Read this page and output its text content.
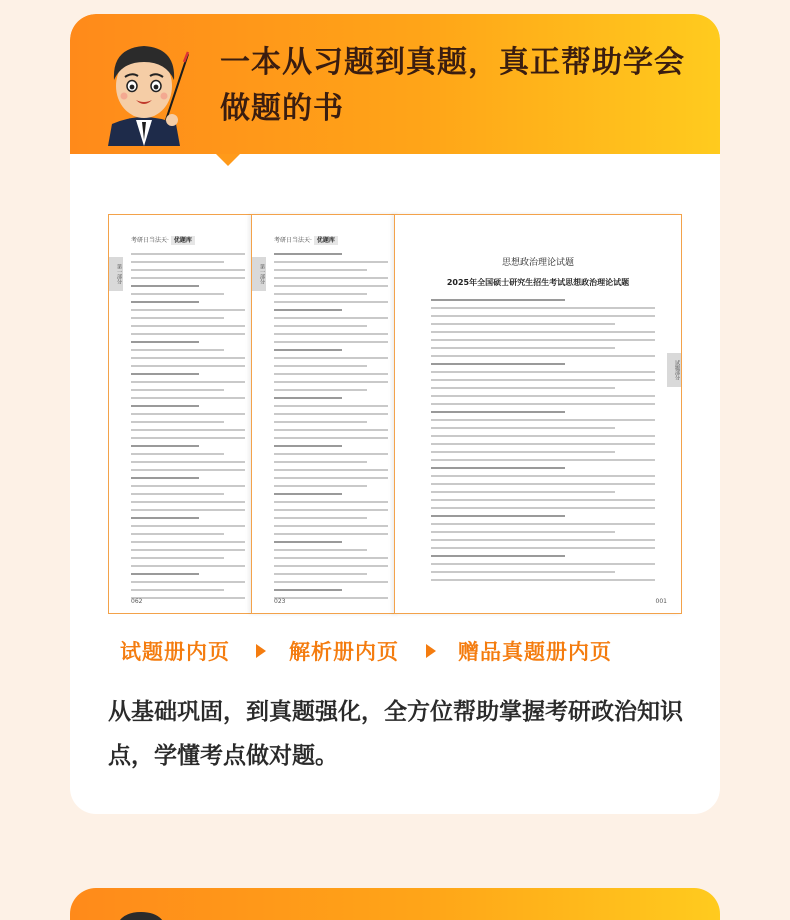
一本从习题到真题，真正帮助学会做题的书
考研日当法天· 优题库
第一部分
062
考研日当法天· 优题库
第一部分
023
思想政治理论试题
2025年全国硕士研究生招生考试思想政治理论试题
试题部分
001
试题册内页	解析册内页	赠品真题册内页
从基础巩固，到真题强化，全方位帮助掌握考研政治知识点，学懂考点做对题。
